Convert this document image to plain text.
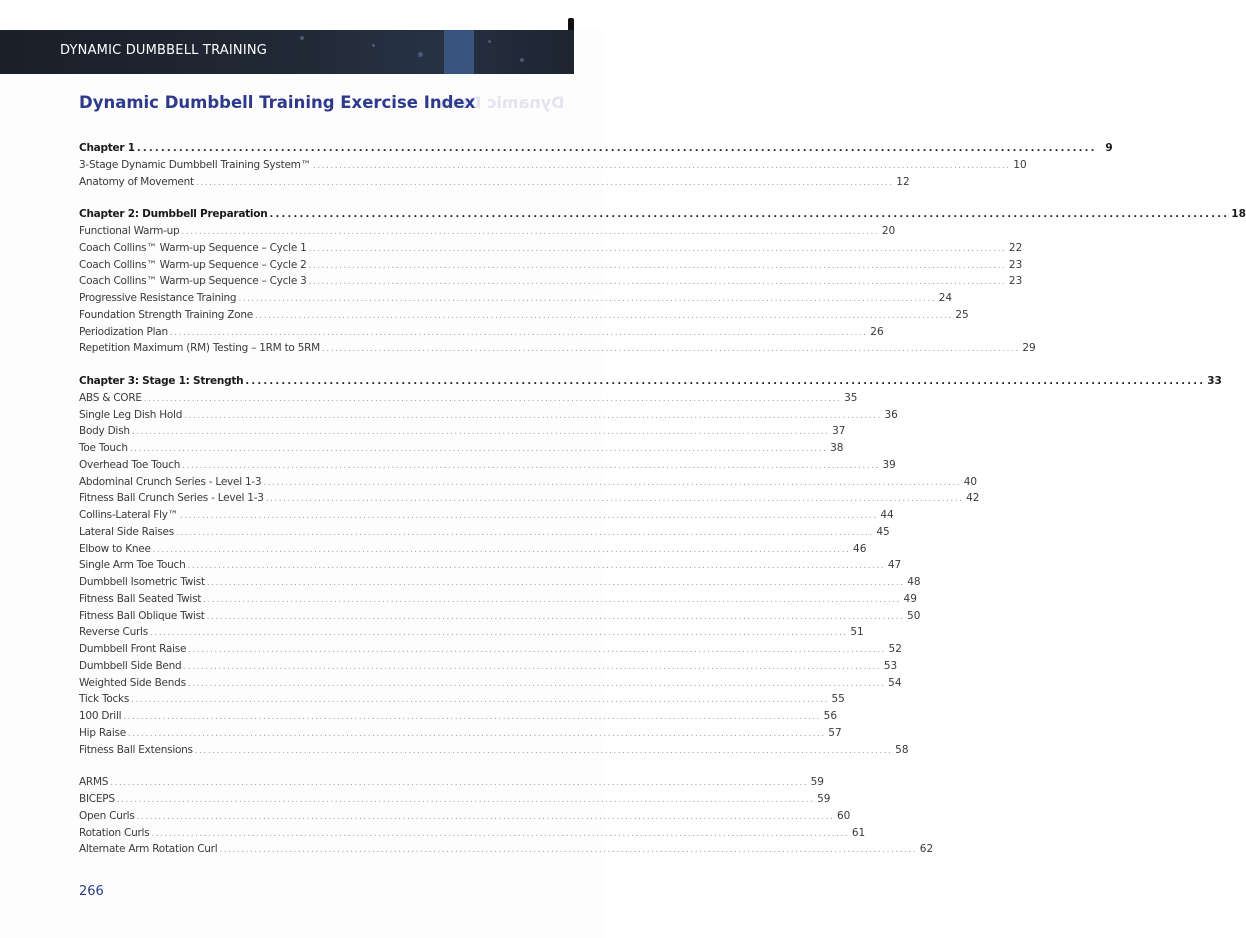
DYNAMIC DUMBBELL TRAINING
Dynamic Dum
Dynamic Dumbbell Training Exercise Index
Chapter 1 ................................................................................................................................................................ 9
3-Stage Dynamic Dumbbell Training System™ ................................................................................................................................................................ 10
Anatomy of Movement ................................................................................................................................................................ 12
Chapter 2: Dumbbell Preparation ................................................................................................................................................................ 18
Functional Warm-up ................................................................................................................................................................ 20
Coach Collins™ Warm-up Sequence – Cycle 1 ................................................................................................................................................................ 22
Coach Collins™ Warm-up Sequence – Cycle 2 ................................................................................................................................................................ 23
Coach Collins™ Warm-up Sequence – Cycle 3 ................................................................................................................................................................ 23
Progressive Resistance Training ................................................................................................................................................................ 24
Foundation Strength Training Zone ................................................................................................................................................................ 25
Periodization Plan ................................................................................................................................................................ 26
Repetition Maximum (RM) Testing – 1RM to 5RM ................................................................................................................................................................ 29
Chapter 3: Stage 1: Strength ................................................................................................................................................................ 33
ABS & CORE ................................................................................................................................................................ 35
Single Leg Dish Hold ................................................................................................................................................................ 36
Body Dish ................................................................................................................................................................ 37
Toe Touch ................................................................................................................................................................ 38
Overhead Toe Touch ................................................................................................................................................................ 39
Abdominal Crunch Series - Level 1-3 ................................................................................................................................................................ 40
Fitness Ball Crunch Series - Level 1-3 ................................................................................................................................................................ 42
Collins-Lateral Fly™ ................................................................................................................................................................ 44
Lateral Side Raises ................................................................................................................................................................ 45
Elbow to Knee ................................................................................................................................................................ 46
Single Arm Toe Touch ................................................................................................................................................................ 47
Dumbbell Isometric Twist ................................................................................................................................................................ 48
Fitness Ball Seated Twist ................................................................................................................................................................ 49
Fitness Ball Oblique Twist ................................................................................................................................................................ 50
Reverse Curls ................................................................................................................................................................ 51
Dumbbell Front Raise ................................................................................................................................................................ 52
Dumbbell Side Bend ................................................................................................................................................................ 53
Weighted Side Bends ................................................................................................................................................................ 54
Tick Tocks ................................................................................................................................................................ 55
100 Drill ................................................................................................................................................................ 56
Hip Raise ................................................................................................................................................................ 57
Fitness Ball Extensions ................................................................................................................................................................ 58
ARMS ................................................................................................................................................................ 59
BICEPS ................................................................................................................................................................ 59
Open Curls ................................................................................................................................................................ 60
Rotation Curls ................................................................................................................................................................ 61
Alternate Arm Rotation Curl ................................................................................................................................................................ 62
266
